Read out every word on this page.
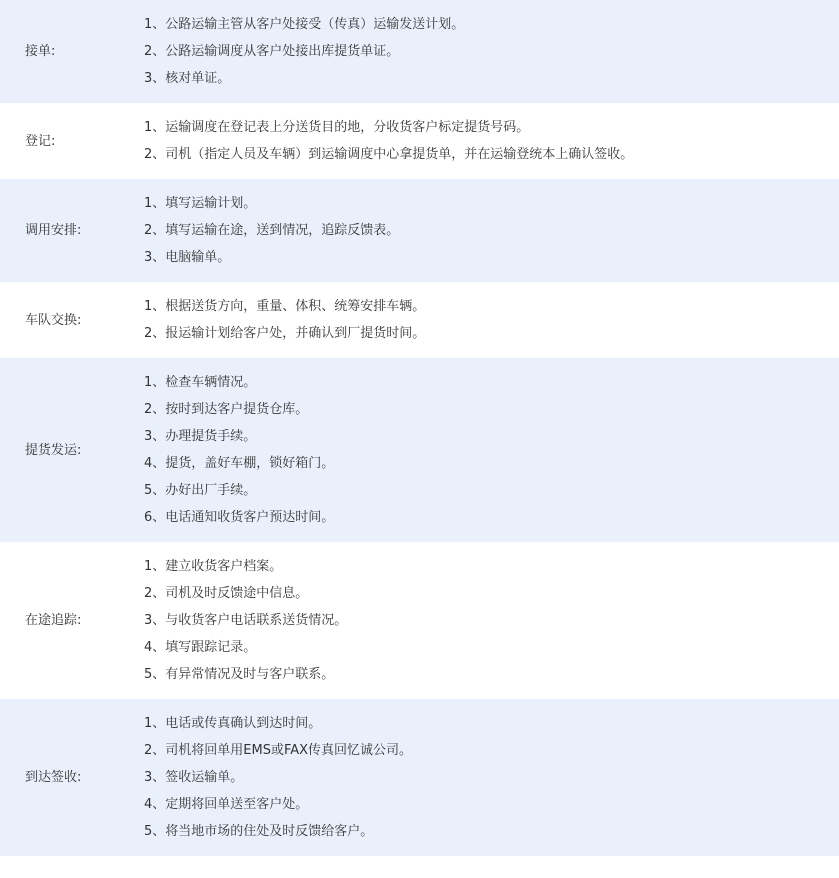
接单:
1、公路运输主管从客户处接受（传真）运输发送计划。
2、公路运输调度从客户处接出库提货单证。
3、核对单证。
登记:
1、运输调度在登记表上分送货目的地，分收货客户标定提货号码。
2、司机（指定人员及车辆）到运输调度中心拿提货单，并在运输登统本上确认签收。
调用安排:
1、填写运输计划。
2、填写运输在途，送到情况，追踪反馈表。
3、电脑输单。
车队交换:
1、根据送货方向，重量、体积、统筹安排车辆。
2、报运输计划给客户处，并确认到厂提货时间。
提货发运:
1、检查车辆情况。
2、按时到达客户提货仓库。
3、办理提货手续。
4、提货，盖好车棚，锁好箱门。
5、办好出厂手续。
6、电话通知收货客户预达时间。
在途追踪:
1、建立收货客户档案。
2、司机及时反馈途中信息。
3、与收货客户电话联系送货情况。
4、填写跟踪记录。
5、有异常情况及时与客户联系。
到达签收:
1、电话或传真确认到达时间。
2、司机将回单用EMS或FAX传真回忆诚公司。
3、签收运输单。
4、定期将回单送至客户处。
5、将当地市场的住处及时反馈给客户。
